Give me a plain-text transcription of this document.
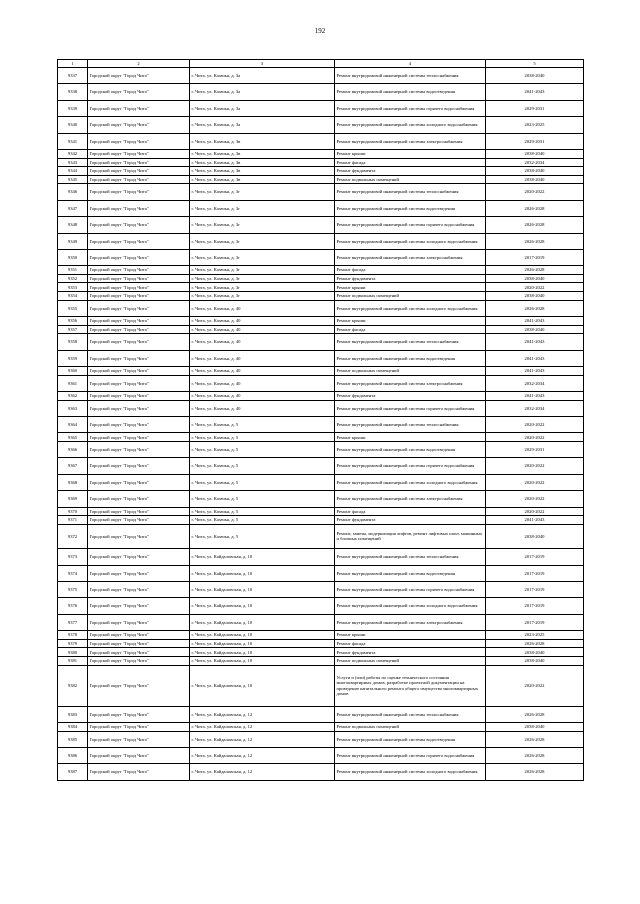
192
1	2	3	4	5
9337	Городской округ "Город Чита"	г. Чита, ул. Казачья, д. 3а	Ремонт внутридомовой инженерной системы теплоснабжения	2038-2040
9338	Городской округ "Город Чита"	г. Чита, ул. Казачья, д. 3а	Ремонт внутридомовой инженерной системы водоотведения	2041-2043
9339	Городской округ "Город Чита"	г. Чита, ул. Казачья, д. 3а	Ремонт внутридомовой инженерной системы горячего водоснабжения	2029-2031
9340	Городской округ "Город Чита"	г. Чита, ул. Казачья, д. 3а	Ремонт внутридомовой инженерной системы холодного водоснабжения	2023-2025
9341	Городской округ "Город Чита"	г. Чита, ул. Казачья, д. 3в	Ремонт внутридомовой инженерной системы электроснабжения	2029-2031
9342	Городской округ "Город Чита"	г. Чита, ул. Казачья, д. 3в	Ремонт крыши	2038-2040
9343	Городской округ "Город Чита"	г. Чита, ул. Казачья, д. 3в	Ремонт фасада	2032-2034
9344	Городской округ "Город Чита"	г. Чита, ул. Казачья, д. 3в	Ремонт фундамента	2038-2040
9345	Городской округ "Город Чита"	г. Чита, ул. Казачья, д. 3в	Ремонт подвальных помещений	2038-2040
9346	Городской округ "Город Чита"	г. Чита, ул. Казачья, д. 3г	Ремонт внутридомовой инженерной системы теплоснабжения	2020-2022
9347	Городской округ "Город Чита"	г. Чита, ул. Казачья, д. 3г	Ремонт внутридомовой инженерной системы водоотведения	2026-2028
9348	Городской округ "Город Чита"	г. Чита, ул. Казачья, д. 3г	Ремонт внутридомовой инженерной системы горячего водоснабжения	2026-2028
9349	Городской округ "Город Чита"	г. Чита, ул. Казачья, д. 3г	Ремонт внутридомовой инженерной системы холодного водоснабжения	2026-2028
9350	Городской округ "Город Чита"	г. Чита, ул. Казачья, д. 3г	Ремонт внутридомовой инженерной системы электроснабжения	2017-2019
9351	Городской округ "Город Чита"	г. Чита, ул. Казачья, д. 3г	Ремонт фасада	2026-2028
9352	Городской округ "Город Чита"	г. Чита, ул. Казачья, д. 3г	Ремонт фундамента	2038-2040
9353	Городской округ "Город Чита"	г. Чита, ул. Казачья, д. 3г	Ремонт крыши	2020-2022
9354	Городской округ "Город Чита"	г. Чита, ул. Казачья, д. 3г	Ремонт подвальных помещений	2038-2040
9355	Городской округ "Город Чита"	г. Чита, ул. Казачья, д. 40	Ремонт внутридомовой инженерной системы холодного водоснабжения	2026-2028
9356	Городской округ "Город Чита"	г. Чита, ул. Казачья, д. 40	Ремонт крыши	2041-2043
9357	Городской округ "Город Чита"	г. Чита, ул. Казачья, д. 40	Ремонт фасада	2038-2040
9358	Городской округ "Город Чита"	г. Чита, ул. Казачья, д. 40	Ремонт внутридомовой инженерной системы теплоснабжения	2041-2043
9359	Городской округ "Город Чита"	г. Чита, ул. Казачья, д. 40	Ремонт внутридомовой инженерной системы водоотведения	2041-2043
9360	Городской округ "Город Чита"	г. Чита, ул. Казачья, д. 40	Ремонт подвальных помещений	2041-2043
9361	Городской округ "Город Чита"	г. Чита, ул. Казачья, д. 40	Ремонт внутридомовой инженерной системы электроснабжения	2032-2034
9362	Городской округ "Город Чита"	г. Чита, ул. Казачья, д. 40	Ремонт фундамента	2041-2043
9363	Городской округ "Город Чита"	г. Чита, ул. Казачья, д. 40	Ремонт внутридомовой инженерной системы горячего водоснабжения	2032-2034
9364	Городской округ "Город Чита"	г. Чита, ул. Казачья, д. 5	Ремонт внутридомовой инженерной системы теплоснабжения	2020-2022
9365	Городской округ "Город Чита"	г. Чита, ул. Казачья, д. 5	Ремонт крыши	2020-2022
9366	Городской округ "Город Чита"	г. Чита, ул. Казачья, д. 5	Ремонт внутридомовой инженерной системы водоотведения	2029-2031
9367	Городской округ "Город Чита"	г. Чита, ул. Казачья, д. 5	Ремонт внутридомовой инженерной системы горячего водоснабжения	2020-2022
9368	Городской округ "Город Чита"	г. Чита, ул. Казачья, д. 5	Ремонт внутридомовой инженерной системы холодного водоснабжения	2020-2022
9369	Городской округ "Город Чита"	г. Чита, ул. Казачья, д. 5	Ремонт внутридомовой инженерной системы электроснабжения	2020-2022
9370	Городской округ "Город Чита"	г. Чита, ул. Казачья, д. 5	Ремонт фасада	2020-2022
9371	Городской округ "Город Чита"	г. Чита, ул. Казачья, д. 5	Ремонт фундамента	2041-2043
9372	Городской округ "Город Чита"	г. Чита, ул. Казачья, д. 5	Ремонт, замена, модернизация лифтов, ремонт лифтовых шахт, машинных и блочных помещений	2038-2040
9373	Городской округ "Город Чита"	г. Чита, ул. Кайдаловская, д. 10	Ремонт внутридомовой инженерной системы теплоснабжения	2017-2019
9374	Городской округ "Город Чита"	г. Чита, ул. Кайдаловская, д. 10	Ремонт внутридомовой инженерной системы водоотведения	2017-2019
9375	Городской округ "Город Чита"	г. Чита, ул. Кайдаловская, д. 10	Ремонт внутридомовой инженерной системы горячего водоснабжения	2017-2019
9376	Городской округ "Город Чита"	г. Чита, ул. Кайдаловская, д. 10	Ремонт внутридомовой инженерной системы холодного водоснабжения	2017-2019
9377	Городской округ "Город Чита"	г. Чита, ул. Кайдаловская, д. 10	Ремонт внутридомовой инженерной системы электроснабжения	2017-2019
9378	Городской округ "Город Чита"	г. Чита, ул. Кайдаловская, д. 10	Ремонт крыши	2023-2025
9379	Городской округ "Город Чита"	г. Чита, ул. Кайдаловская, д. 10	Ремонт фасада	2026-2028
9380	Городской округ "Город Чита"	г. Чита, ул. Кайдаловская, д. 10	Ремонт фундамента	2038-2040
9381	Городской округ "Город Чита"	г. Чита, ул. Кайдаловская, д. 10	Ремонт подвальных помещений	2038-2040
9382	Городской округ "Город Чита"	г. Чита, ул. Кайдаловская, д. 10	Услуги и (или) работы по оценке технического состояния многоквартирных домов, разработке проектной документации на проведение капитального ремонта общего имущества многоквартирных домов	2020-2022
9383	Городской округ "Город Чита"	г. Чита, ул. Кайдаловская, д. 12	Ремонт внутридомовой инженерной системы теплоснабжения	2026-2028
9384	Городской округ "Город Чита"	г. Чита, ул. Кайдаловская, д. 12	Ремонт подвальных помещений	2038-2040
9385	Городской округ "Город Чита"	г. Чита, ул. Кайдаловская, д. 12	Ремонт внутридомовой инженерной системы водоотведения	2026-2028
9386	Городской округ "Город Чита"	г. Чита, ул. Кайдаловская, д. 12	Ремонт внутридомовой инженерной системы горячего водоснабжения	2026-2028
9387	Городской округ "Город Чита"	г. Чита, ул. Кайдаловская, д. 12	Ремонт внутридомовой инженерной системы холодного водоснабжения	2026-2028
